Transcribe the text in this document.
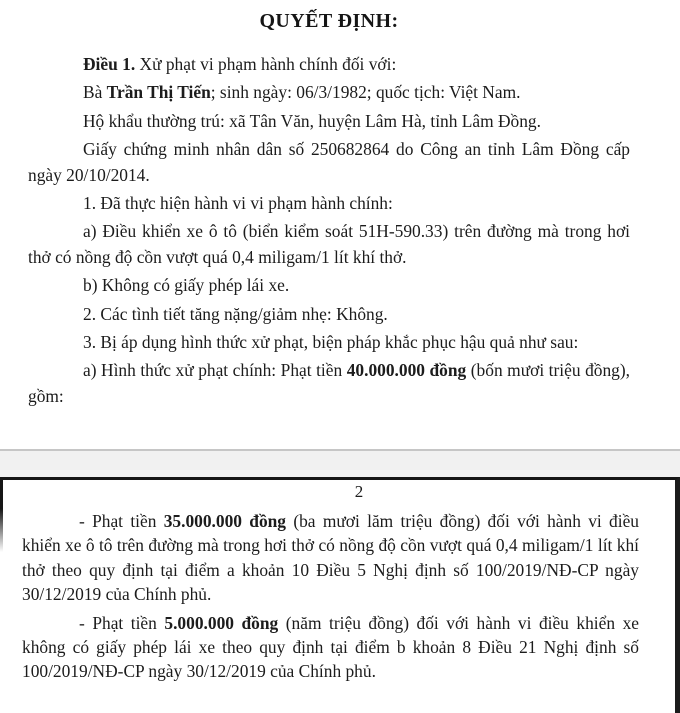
QUYẾT ĐỊNH:

Điều 1. Xử phạt vi phạm hành chính đối với:

Bà Trần Thị Tiến; sinh ngày: 06/3/1982; quốc tịch: Việt Nam.

Hộ khẩu thường trú: xã Tân Văn, huyện Lâm Hà, tỉnh Lâm Đồng.

Giấy chứng minh nhân dân số 250682864 do Công an tỉnh Lâm Đồng cấp ngày 20/10/2014.

1. Đã thực hiện hành vi vi phạm hành chính:

a) Điều khiển xe ô tô (biển kiểm soát 51H-590.33) trên đường mà trong hơi thở có nồng độ cồn vượt quá 0,4 miligam/1 lít khí thở.

b) Không có giấy phép lái xe.

2. Các tình tiết tăng nặng/giảm nhẹ: Không.

3. Bị áp dụng hình thức xử phạt, biện pháp khắc phục hậu quả như sau:

a) Hình thức xử phạt chính: Phạt tiền 40.000.000 đồng (bốn mươi triệu đồng), gồm:

2

- Phạt tiền 35.000.000 đồng (ba mươi lăm triệu đồng) đối với hành vi điều khiển xe ô tô trên đường mà trong hơi thở có nồng độ cồn vượt quá 0,4 miligam/1 lít khí thở theo quy định tại điểm a khoản 10 Điều 5 Nghị định số 100/2019/NĐ-CP ngày 30/12/2019 của Chính phủ.

- Phạt tiền 5.000.000 đồng (năm triệu đồng) đối với hành vi điều khiển xe không có giấy phép lái xe theo quy định tại điểm b khoản 8 Điều 21 Nghị định số 100/2019/NĐ-CP ngày 30/12/2019 của Chính phủ.
